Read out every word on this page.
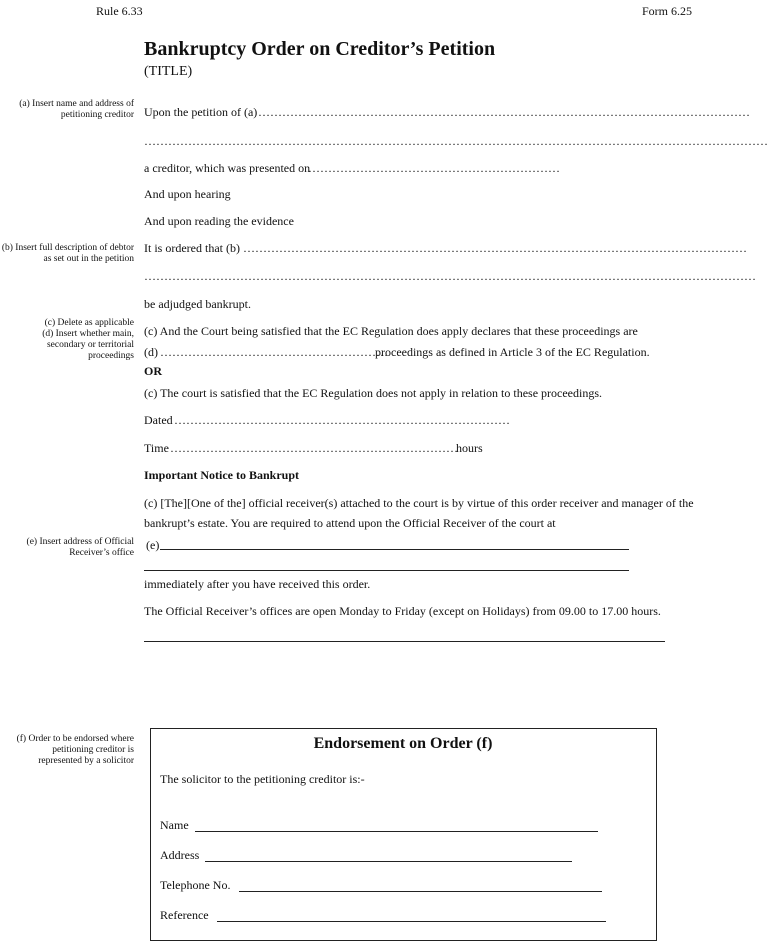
Rule 6.33	Form 6.25
Bankruptcy Order on Creditor’s Petition
(TITLE)
(a) Insert name and address of petitioning creditor
(b) Insert full description of debtor as set out in the petition
(c) Delete as applicable
(d) Insert whether main, secondary or territorial proceedings
(e) Insert address of Official Receiver’s office
(f) Order to be endorsed where petitioning creditor is represented by a solicitor
Upon the petition of (a) ……………………………………………………………………………………………………………
…………………………………………………………………………………………………………………………………………
a creditor, which was presented on
………………………………………………………
And upon hearing
And upon reading the evidence
It is ordered that (b) ………………………………………………………………………………………………………………
………………………………………………………………………………………………………………………………………
be adjudged bankrupt.
(c) And the Court being satisfied that the EC Regulation does apply declares that these proceedings are
(d) …………………………………………………
proceedings as defined in Article 3 of the EC Regulation.
OR
(c) The court is satisfied that the EC Regulation does not apply in relation to these proceedings.
Dated …………………………………………………………………………
Time ………………………………………………………………
hours
Important Notice to Bankrupt
(c) [The][One of the] official receiver(s) attached to the court is by virtue of this order receiver and manager of the
bankrupt’s estate. You are required to attend upon the Official Receiver of the court at
(e)
immediately after you have received this order.
The Official Receiver’s offices are open Monday to Friday (except on Holidays) from 09.00 to 17.00 hours.
Endorsement on Order (f)
The solicitor to the petitioning creditor is:-
Name
Address
Telephone No.
Reference
